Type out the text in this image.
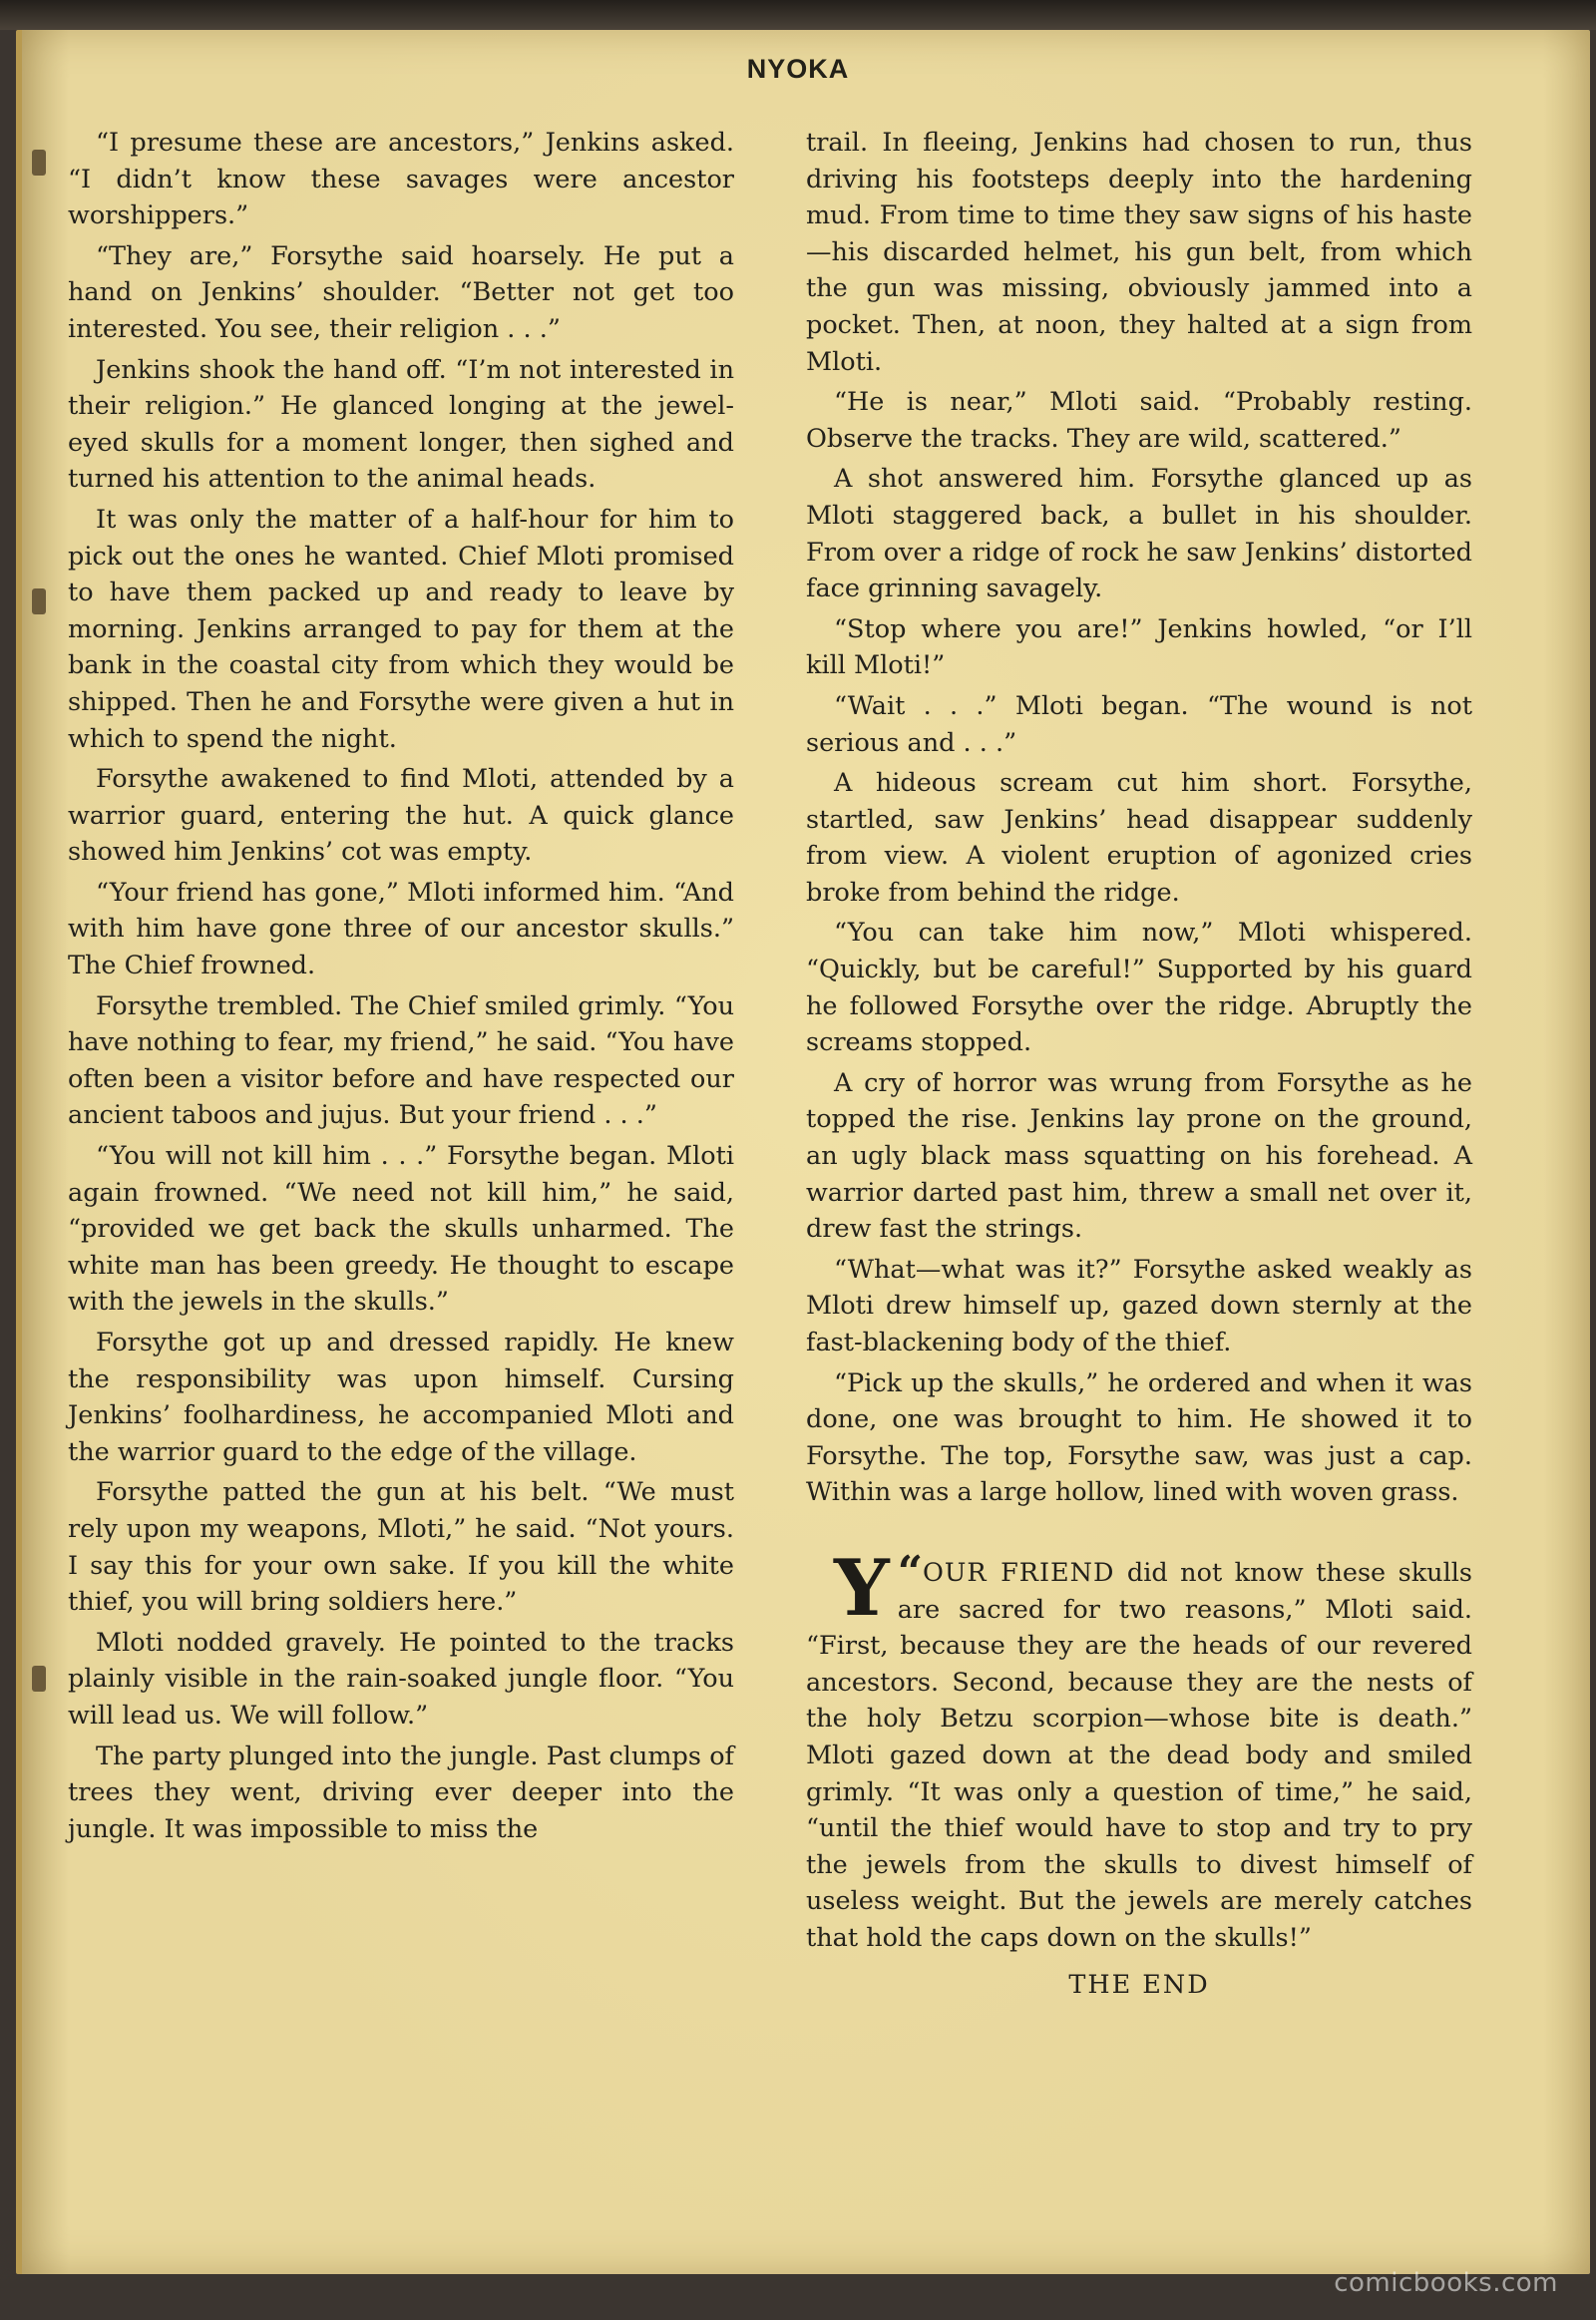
NYOKA

“I presume these are ancestors,” Jenkins asked. “I didn’t know these savages were ancestor worshippers.”

“They are,” Forsythe said hoarsely. He put a hand on Jenkins’ shoulder. “Better not get too interested. You see, their religion . . .”

Jenkins shook the hand off. “I’m not interested in their religion.” He glanced longing at the jewel-eyed skulls for a moment longer, then sighed and turned his attention to the animal heads.

It was only the matter of a half-hour for him to pick out the ones he wanted. Chief Mloti promised to have them packed up and ready to leave by morning. Jenkins arranged to pay for them at the bank in the coastal city from which they would be shipped. Then he and Forsythe were given a hut in which to spend the night.

Forsythe awakened to find Mloti, attended by a warrior guard, entering the hut. A quick glance showed him Jenkins’ cot was empty.

“Your friend has gone,” Mloti informed him. “And with him have gone three of our ancestor skulls.” The Chief frowned.

Forsythe trembled. The Chief smiled grimly. “You have nothing to fear, my friend,” he said. “You have often been a visitor before and have respected our ancient taboos and jujus. But your friend . . .”

“You will not kill him . . .” Forsythe began. Mloti again frowned. “We need not kill him,” he said, “provided we get back the skulls unharmed. The white man has been greedy. He thought to escape with the jewels in the skulls.”

Forsythe got up and dressed rapidly. He knew the responsibility was upon himself. Cursing Jenkins’ foolhardiness, he accompanied Mloti and the warrior guard to the edge of the village.

Forsythe patted the gun at his belt. “We must rely upon my weapons, Mloti,” he said. “Not yours. I say this for your own sake. If you kill the white thief, you will bring soldiers here.”

Mloti nodded gravely. He pointed to the tracks plainly visible in the rain-soaked jungle floor. “You will lead us. We will follow.”

The party plunged into the jungle. Past clumps of trees they went, driving ever deeper into the jungle. It was impossible to miss the

trail. In fleeing, Jenkins had chosen to run, thus driving his footsteps deeply into the hardening mud. From time to time they saw signs of his haste—his discarded helmet, his gun belt, from which the gun was missing, obviously jammed into a pocket. Then, at noon, they halted at a sign from Mloti.

“He is near,” Mloti said. “Probably resting. Observe the tracks. They are wild, scattered.”

A shot answered him. Forsythe glanced up as Mloti staggered back, a bullet in his shoulder. From over a ridge of rock he saw Jenkins’ distorted face grinning savagely.

“Stop where you are!” Jenkins howled, “or I’ll kill Mloti!”

“Wait . . .” Mloti began. “The wound is not serious and . . .”

A hideous scream cut him short. Forsythe, startled, saw Jenkins’ head disappear suddenly from view. A violent eruption of agonized cries broke from behind the ridge.

“You can take him now,” Mloti whispered. “Quickly, but be careful!” Supported by his guard he followed Forsythe over the ridge. Abruptly the screams stopped.

A cry of horror was wrung from Forsythe as he topped the rise. Jenkins lay prone on the ground, an ugly black mass squatting on his forehead. A warrior darted past him, threw a small net over it, drew fast the strings.

“What—what was it?” Forsythe asked weakly as Mloti drew himself up, gazed down sternly at the fast-blackening body of the thief.

“Pick up the skulls,” he ordered and when it was done, one was brought to him. He showed it to Forsythe. The top, Forsythe saw, was just a cap. Within was a large hollow, lined with woven grass.

“
Y OUR FRIEND did not know these skulls are sacred for two reasons,” Mloti said. “First, because they are the heads of our revered ancestors. Second, because they are the nests of the holy Betzu scorpion—whose bite is death.” Mloti gazed down at the dead body and smiled grimly. “It was only a question of time,” he said, “until the thief would have to stop and try to pry the jewels from the skulls to divest himself of useless weight. But the jewels are merely catches that hold the caps down on the skulls!”

THE END

comicbooks.com
